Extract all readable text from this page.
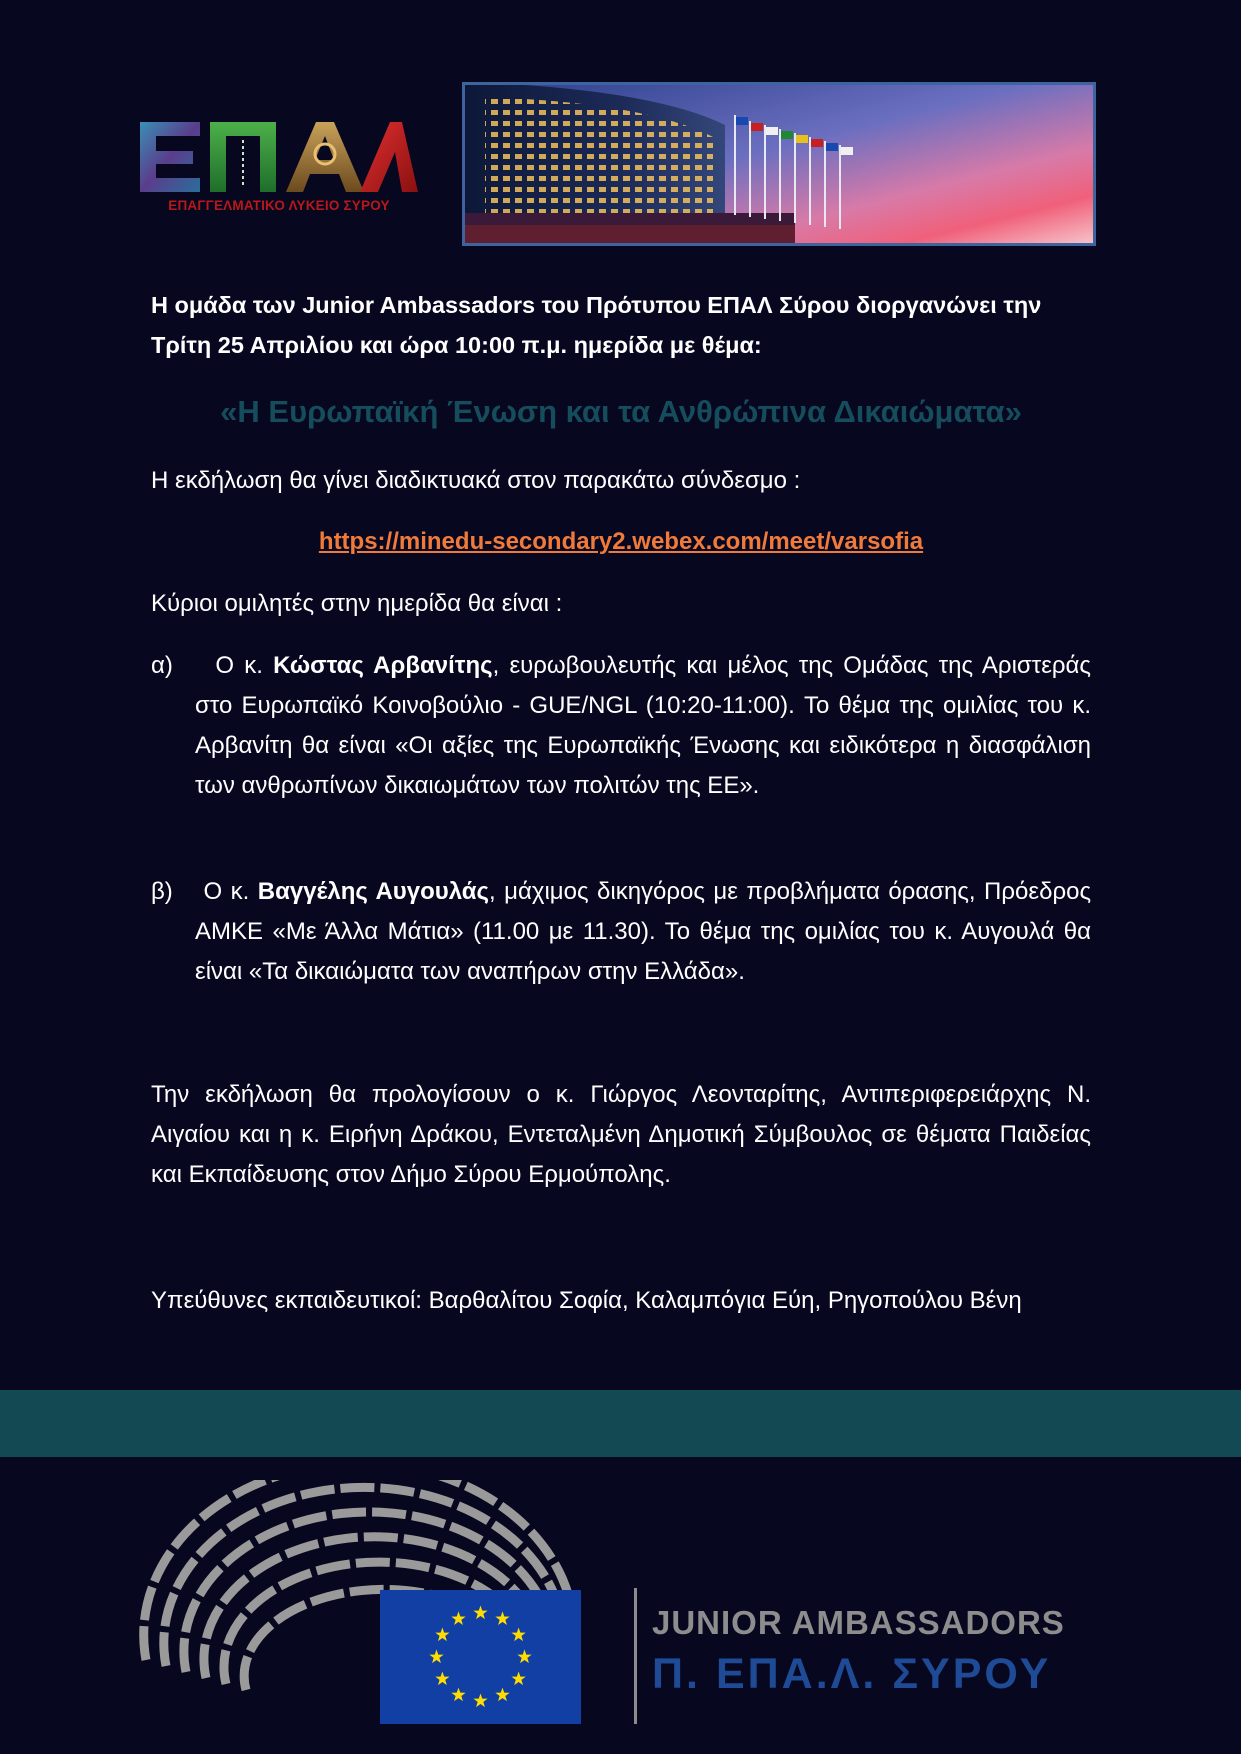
ΕΠΑΓΓΕΛΜΑΤΙΚΟ ΛΥΚΕΙΟ ΣΥΡΟΥ
Η ομάδα των Junior Ambassadors του Πρότυπου ΕΠΑΛ Σύρου διοργανώνει την Τρίτη 25 Απριλίου και ώρα 10:00 π.μ. ημερίδα με θέμα:
«Η Ευρωπαϊκή Ένωση και τα Ανθρώπινα Δικαιώματα»
Η εκδήλωση θα γίνει διαδικτυακά στον παρακάτω σύνδεσμο :
https://minedu-secondary2.webex.com/meet/varsofia
Κύριοι ομιλητές στην ημερίδα θα είναι :
α)	Ο κ. Κώστας Αρβανίτης, ευρωβουλευτής και μέλος της Ομάδας της Αριστεράς στο Ευρωπαϊκό Κοινοβούλιο - GUE/NGL (10:20-11:00). Το θέμα της ομιλίας του κ. Αρβανίτη θα είναι «Οι αξίες της Ευρωπαϊκής Ένωσης και ειδικότερα η διασφάλιση των ανθρωπίνων δικαιωμάτων των πολιτών της ΕΕ».
β)	Ο κ. Βαγγέλης Αυγουλάς, μάχιμος δικηγόρος με προβλήματα όρασης, Πρόεδρος ΑΜΚΕ «Με Άλλα Μάτια» (11.00 με 11.30). Το θέμα της ομιλίας του κ. Αυγουλά θα είναι «Τα δικαιώματα των αναπήρων στην Ελλάδα».
Την εκδήλωση θα προλογίσουν ο κ. Γιώργος Λεονταρίτης, Αντιπεριφερειάρχης Ν. Αιγαίου και η κ. Ειρήνη Δράκου, Εντεταλμένη Δημοτική Σύμβουλος σε θέματα Παιδείας και Εκπαίδευσης στον Δήμο Σύρου Ερμούπολης.
Υπεύθυνες εκπαιδευτικοί: Βαρθαλίτου Σοφία, Καλαμπόγια Εύη, Ρηγοπούλου Βένη
JUNIOR AMBASSADORS
Π. ΕΠΑ.Λ. ΣΥΡΟΥ
